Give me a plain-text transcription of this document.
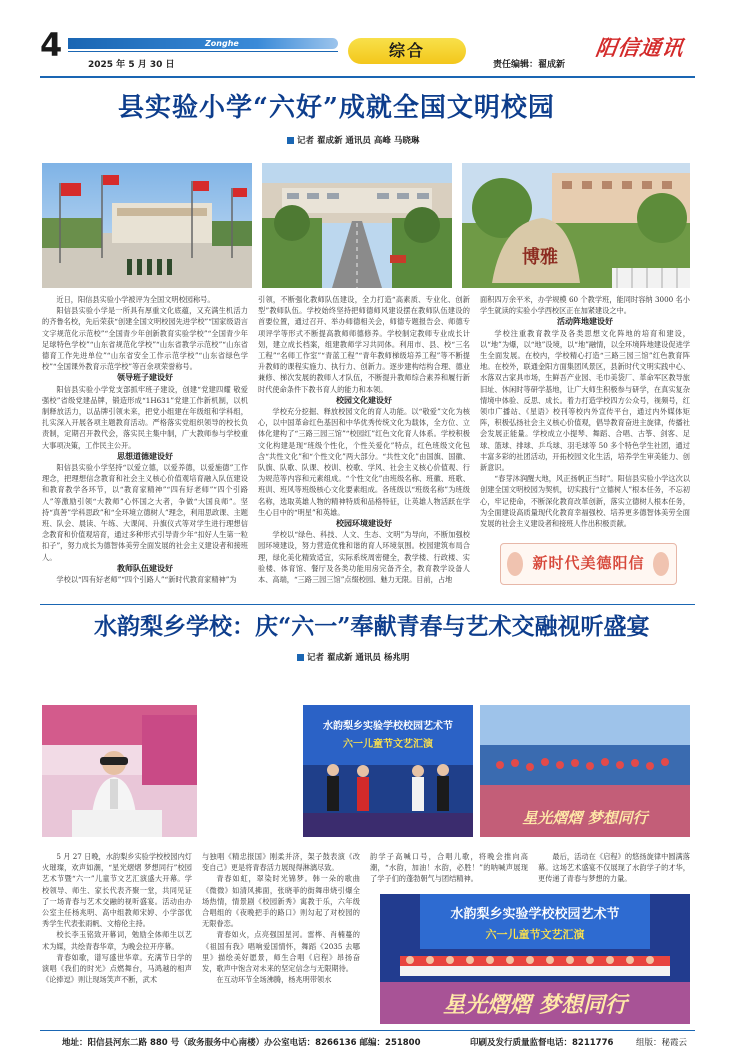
4	Zonghe
2025 年 5 月 30 日
综合
责任编辑：翟成新
阳信通讯
县实验小学“六好”成就全国文明校园
记者 翟成新 通讯员 高峰 马晓琳
博雅

近日，阳信县实验小学被评为全国文明校园称号。

阳信县实验小学是一所具有厚重文化底蕴，又充满生机活力的齐鲁名校，先后荣获“创建全国文明校园先进学校”“国家级语言文字规范化示范校”“全国青少年创新教育实验学校”“全国青少年足球特色学校”“山东省规范化学校”“山东省教学示范校”“山东省德育工作先进单位”“山东省安全工作示范学校”“山东省绿色学校”“全国课外教育示范学校”等百余项荣誉称号。

领导班子建设好

阳信县实验小学党支部抓牢班子建设，创建“党建四耀 敬爱强校”省级党建品牌，锻造形成“1H631”党建工作新机制，以机制释放活力，以品牌引领未来，把党小组建在年级组和学科组，扎实深入开展各项主题教育活动。严格落实党组织领导的校长负责制，定期召开教代会，落实民主集中制，广大教师参与学校重大事项决策，工作民主公开。

思想道德建设好

阳信县实验小学坚持“以爱立德，以爱养德，以爱施德”工作理念，把理想信念教育和社会主义核心价值观培育融入队伍建设和教育教学各环节，以“教育家精神”“四有好老师”“四个引路人”等激励引领“大教师”心怀国之大者，争做“大国良师”。坚持“真善”学科思政”和“全环境立德树人”理念，利用思政课、主题班、队会、晨读、午练、大课间、升旗仪式等对学生进行理想信念教育和价值观培育，通过多种形式引导青少年“扣好人生第一粒扣子”，努力成长为德智体美劳全面发展的社会主义建设者和接班人。

教师队伍建设好

学校以“四有好老师”“四个引路人”“新时代教育家精神”为

引领，不断强化教师队伍建设，全力打造“高素质、专业化、创新型”教师队伍。学校始终坚持把师德师风建设摆在教师队伍建设的首要位置，通过召开、举办师德相关会，师德专题报告会、师德专项评学等形式不断提高教师师德修养。学校制定教师专业成长计划，建立成长档案，组建教师学习共同体。利用市、县、校“三名工程”“名师工作室”“青蓝工程”“青年教师梯级培养工程”等不断提升教师的课程实施力、执行力、创新力。逐步建构结构合理、德业兼修、梯次发展的教师人才队伍，不断提升教师综合素养和履行新时代使命条件下教书育人的能力和本领。

校园文化建设好

学校充分挖掘、释放校园文化的育人功能。以“敬爱”文化为核心，以中国革命红色基因和中华优秀传统文化为载体，全方位、立体化建构了“三路三园三馆”“校园红”红色文化育人体系。学校积极文化构建是现“班级个性化，个性关爱化”特点，红色班级文化包含“共性文化”和“个性文化”两大部分。“共性文化”由国旗、国徽、队旗、队歌、队课、校训、校歌、学风、社会主义核心价值观、行为规范等内容和元素组成。“个性文化”由班级名称、班徽、班歌、班训、班风等班级核心文化要素组成。各班级以“班级名称”为班级名称，选取英雄人物的精神特质和品格特征，让英雄人物活跃在学生心目中的“明星”和英雄。

校园环境建设好

学校以“绿色、科技、人文、生态、文明”为导向，不断加强校园环境建设，努力营造优雅和谐的育人环境氛围。校园建筑布局合理，绿化美化精致适宜，实际系统周密健全，教学楼、行政楼、实验楼、体育馆、餐厅及各类功能用房完备齐全，教育教学设备人本、高端，“三路三园三馆”点缀校园、魅力无限。目前，占地

面积四万余平米，办学规模 60 个教学班，能同时容纳 3000 名小学生就读的实验小学西校区正在加紧建设之中。

活动阵地建设好

学校注重教育教学及各类思想文化阵地的培育和建设，以“地”为爆，以“地”设境，以“地”融情，以全环境阵地建设促进学生全面发展。在校内，学校精心打造“三路三园三馆”红色教育阵地。在校外，联通金阳方面集团风景区，县新时代文明实践中心、水落双古家具市场，生鲜吾产业园、毛巾美袋厂、革命军区教导旅旧址、休闲时等研学基地，让广大师生积极参与研学，在真实复杂情境中体验、反思、成长。着力打造学校四方公众号，视频号，红领巾广播站、《星语》校刊等校内外宣传平台，通过内外媒体矩阵，积极弘扬社会主义核心价值观，倡导教育奋进主旋律，传播社会发展正能量。学校成立小提琴、舞蹈、合唱、古筝、剑客、足球、篮球、排球、乒乓球、羽毛球等 50 多个特色学生社团，通过丰富多彩的社团活动，开拓校园文化生活，培养学生审美能力、创新意识。

“春芽沐润醒大地，风正扬帆正当时”。阳信县实验小学这次以创建全国文明校园为契机，切实践行“立德树人”根本任务，不忘初心，牢记使命，不断深化教育改革创新，落实立德树人根本任务，为全面建设高质量现代化教育幸福强校、培养更多德智体美劳全面发展的社会主义建设者和接班人作出积极贡献。

新时代美德阳信
水韵梨乡学校：庆“六一”奉献青春与艺术交融视听盛宴
记者 翟成新 通讯员 杨兆明
水韵梨乡实验学校校园艺术节
六一儿童节文艺汇演
星光熠熠 梦想同行

5 月 27 日晚，水韵梨乡实验学校校园内灯火璀璨，欢声如潮，“星光熠熠 梦想同行”校园艺术节暨“六一”儿童节文艺汇演盛大开幕。学校领导、师生、家长代表齐聚一堂，共同见证了一场青春与艺术交融的视听盛宴。活动由办公室主任杨兆明、高中组教师宋婷、小学部优秀学生代表张雨帆、文榕伦主持。

校长李玉铭致开幕词，勉励全体师生以艺术为媒，共绘青春华章，为晚会拉开序幕。

青春如歌，谱写盛世华章。充满节日学的演唱《我们的时光》点燃舞台，马鸿越的相声《论捧逗》则让现场笑声不断，武术

与独唱《精忠报国》刚柔并济，架子鼓表演《改变自己》更是将青春活力展现得淋漓尽致。

青春如虹，翠染时光锦梦。韩一朵的歌曲《微微》如清风拂面，张晓菲的街舞串烧引爆全场热情，情景剧《校园新秀》寓教于乐，六年级合唱组的《夜晚把手的路口》则勾起了对校园的无限眷恋。

青春如火，点亮强国星河。雷桦、肖楠蔓的《祖国有我》唱响爱国情怀，舞蹈《2035 去哪里》描绘美好愿景，师生合唱《启程》昂扬奋发，歌声中饱含对未来的坚定信念与无限期待。

在互动环节全场沸腾，杨兆明带领水

韵学子高喊口号，合唱儿歌，将晚会推向高潮，“水韵，加油！水韵，必胜！”的呐喊声展现了学子们的蓬勃朝气与团结精神。

最后，活动在《启程》的悠扬旋律中圆满落幕。这场艺术盛宴不仅展现了水韵学子的才华，更传递了青春与梦想的力量。

水韵梨乡实验学校校园艺术节
六一儿童节文艺汇演
星光熠熠 梦想同行
地址：阳信县河东二路 880 号（政务服务中心南楼）办公室电话：8266136 邮编：251800	印刷及发行质量监督电话：8211776	组版：秘霞云
